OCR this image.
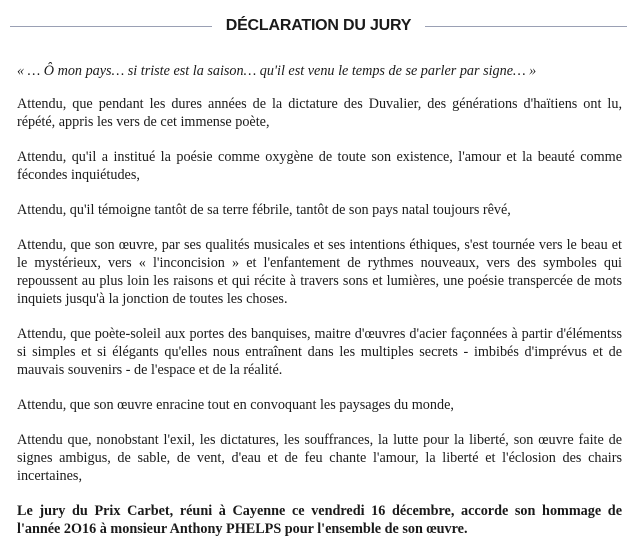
DÉCLARATION DU JURY

« … Ô mon pays… si triste est la saison… qu'il est venu le temps de se parler par signe… »

Attendu, que pendant les dures années de la dictature des Duvalier, des générations d'haïtiens ont lu, répété, appris les vers de cet immense poète,

Attendu, qu'il a institué la poésie comme oxygène de toute son existence, l'amour et la beauté comme fécondes inquiétudes,

Attendu, qu'il témoigne tantôt de sa terre fébrile, tantôt de son pays natal toujours rêvé,

Attendu, que son œuvre, par ses qualités musicales et ses intentions éthiques, s'est tournée vers le beau et le mystérieux, vers « l'inconcision » et l'enfantement de rythmes nouveaux, vers des symboles qui repoussent au plus loin les raisons et qui récite à travers sons et lumières, une poésie transpercée de mots inquiets jusqu'à la jonction de toutes les choses.

Attendu, que poète-soleil aux portes des banquises, maitre d'œuvres d'acier façonnées à partir d'élémentss si simples et si élégants qu'elles nous entraînent dans les multiples secrets - imbibés d'imprévus et de mauvais souvenirs - de l'espace et de la réalité.

Attendu, que son œuvre enracine tout en convoquant les paysages du monde,

Attendu que, nonobstant l'exil, les dictatures, les souffrances, la lutte pour la liberté, son œuvre faite de signes ambigus, de sable, de vent, d'eau et de feu chante l'amour, la liberté et l'éclosion des chairs incertaines,

Le jury du Prix Carbet, réuni à Cayenne ce vendredi 16 décembre, accorde son hommage de l'année 2O16 à monsieur Anthony PHELPS pour l'ensemble de son œuvre.
